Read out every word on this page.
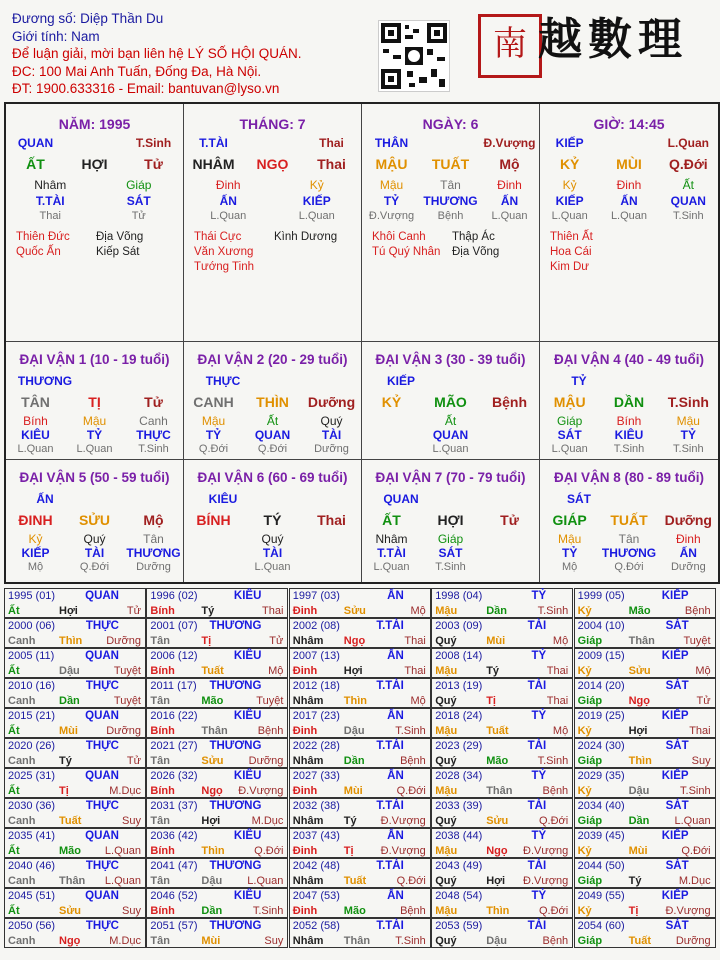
Đương số: Diệp Thần Du
Giới tính: Nam
Để luận giải, mời bạn liên hệ LÝ SỐ HỘI QUÁN.
ĐC: 100 Mai Anh Tuấn, Đống Đa, Hà Nội.
ĐT: 1900.633316 - Email: bantuvan@lyso.vn
南 越數理
NĂM: 1995
QUAN	T.Sinh
ẤT	HỢI	Tử
Nhâm	Giáp
T.TÀI	SÁT
Thai	Tử
Thiên Đức
Quốc Ấn
Địa Võng
Kiếp Sát
THÁNG: 7
T.TÀI	Thai
NHÂM	NGỌ	Thai
Đinh	Kỷ
ẤN	KIẾP
L.Quan	L.Quan
Thái Cực
Văn Xương
Tướng Tinh
Kình Dương
NGÀY: 6
THÂN	Đ.Vượng
MẬU	TUẤT	Mộ
Mậu	Tân	Đinh
TỶ	THƯƠNG	ẤN
Đ.Vượng	Bệnh	L.Quan
Khôi Canh
Tú Quý Nhân
Thập Ác
Địa Võng
GIỜ: 14:45
KIẾP	L.Quan
KỶ	MÙI	Q.Đới
Kỷ	Đinh	Ất
KIẾP	ẤN	QUAN
L.Quan	L.Quan	T.Sinh
Thiên Ất
Hoa Cái
Kim Dư
ĐẠI VẬN 1 (10 - 19 tuổi)
THƯƠNG
TÂN	TỊ	Tử
Bính	Mậu	Canh
KIÊU	TỶ	THỰC
L.Quan	L.Quan	T.Sinh
ĐẠI VẬN 2 (20 - 29 tuổi)
THỰC
CANH	THÌN	Dưỡng
Mậu	Ất	Quý
TỶ	QUAN	TÀI
Q.Đới	Q.Đới	Dưỡng
ĐẠI VẬN 3 (30 - 39 tuổi)
KIẾP
KỶ	MÃO	Bệnh
Ất
QUAN
L.Quan
ĐẠI VẬN 4 (40 - 49 tuổi)
TỶ
MẬU	DẦN	T.Sinh
Giáp	Bính	Mậu
SÁT	KIÊU	TỶ
L.Quan	T.Sinh	T.Sinh
ĐẠI VẬN 5 (50 - 59 tuổi)
ẤN
ĐINH	SỬU	Mộ
Kỷ	Quý	Tân
KIẾP	TÀI	THƯƠNG
Mộ	Q.Đới	Dưỡng
ĐẠI VẬN 6 (60 - 69 tuổi)
KIÊU
BÍNH	TÝ	Thai
Quý
TÀI
L.Quan
ĐẠI VẬN 7 (70 - 79 tuổi)
QUAN
ẤT	HỢI	Tử
Nhâm	Giáp
T.TÀI	SÁT
L.Quan	T.Sinh
ĐẠI VẬN 8 (80 - 89 tuổi)
SÁT
GIÁP	TUẤT	Dưỡng
Mậu	Tân	Đinh
TỶ	THƯƠNG	ẤN
Mộ	Q.Đới	Dưỡng
1995 (01)	QUAN
Ất	Hợi	Tử
1996 (02)	KIÊU
Bính Tý	Thai
1997 (03)	ẤN
Đinh Sửu	Mộ
1998 (04)	TỶ
Mậu	Dần	T.Sinh
1999 (05)	KIẾP
Kỷ	Mão	Bệnh
2000 (06)	THỰC
Canh Thìn Dưỡng
2001 (07) THƯƠNG
Tân	Tị	Tử
2002 (08)	T.TÀI
Nhâm Ngọ	Thai
2003 (09)	TÀI
Quý	Mùi	Mộ
2004 (10)	SÁT
Giáp Thân	Tuyệt
2005 (11)	QUAN
Ất	Dậu	Tuyệt
2006 (12)	KIÊU
Bính Tuất	Mộ
2007 (13)	ẤN
Đinh Hợi	Thai
2008 (14)	TỶ
Mậu	Tý	Thai
2009 (15)	KIẾP
Kỷ	Sửu	Mộ
2010 (16)	THỰC
Canh Dần	Tuyệt
2011 (17) THƯƠNG
Tân	Mão	Tuyệt
2012 (18)	T.TÀI
Nhâm Thìn	Mộ
2013 (19)	TÀI
Quý	Tị	Thai
2014 (20)	SÁT
Giáp Ngọ	Tử
2015 (21)	QUAN
Ất	Mùi	Dưỡng
2016 (22)	KIÊU
Bính Thân	Bệnh
2017 (23)	ẤN
Đinh Dậu	T.Sinh
2018 (24)	TỶ
Mậu	Tuất	Mộ
2019 (25)	KIẾP
Kỷ	Hợi	Thai
2020 (26)	THỰC
Canh Tý	Tử
2021 (27) THƯƠNG
Tân	Sửu Dưỡng
2022 (28)	T.TÀI
Nhâm Dần	Bệnh
2023 (29)	TÀI
Quý	Mão	T.Sinh
2024 (30)	SÁT
Giáp Thìn	Suy
2025 (31)	QUAN
Ất	Tị	M.Dục
2026 (32)	KIÊU
Bính Ngọ Đ.Vượng
2027 (33)	ẤN
Đinh Mùi	Q.Đới
2028 (34)	TỶ
Mậu	Thân	Bệnh
2029 (35)	KIẾP
Kỷ	Dậu	T.Sinh
2030 (36)	THỰC
Canh Tuất	Suy
2031 (37) THƯƠNG
Tân	Hợi	M.Dục
2032 (38)	T.TÀI
Nhâm Tý Đ.Vượng
2033 (39)	TÀI
Quý	Sửu	Q.Đới
2034 (40)	SÁT
Giáp Dần L.Quan
2035 (41)	QUAN
Ất	Mão L.Quan
2036 (42)	KIÊU
Bính Thìn	Q.Đới
2037 (43)	ẤN
Đinh Tị Đ.Vượng
2038 (44)	TỶ
Mậu	Ngọ Đ.Vượng
2039 (45)	KIẾP
Kỷ	Mùi	Q.Đới
2040 (46)	THỰC
Canh Thân L.Quan
2041 (47) THƯƠNG
Tân	Dậu L.Quan
2042 (48)	T.TÀI
Nhâm Tuất	Q.Đới
2043 (49)	TÀI
Quý	Hợi Đ.Vượng
2044 (50)	SÁT
Giáp Tý	M.Dục
2045 (51)	QUAN
Ất	Sửu	Suy
2046 (52)	KIÊU
Bính Dần	T.Sinh
2047 (53)	ẤN
Đinh Mão	Bệnh
2048 (54)	TỶ
Mậu	Thìn	Q.Đới
2049 (55)	KIẾP
Kỷ	Tị Đ.Vượng
2050 (56)	THỰC
Canh Ngọ	M.Dục
2051 (57) THƯƠNG
Tân	Mùi	Suy
2052 (58)	T.TÀI
Nhâm Thân T.Sinh
2053 (59)	TÀI
Quý	Dậu	Bệnh
2054 (60)	SÁT
Giáp Tuất Dưỡng
